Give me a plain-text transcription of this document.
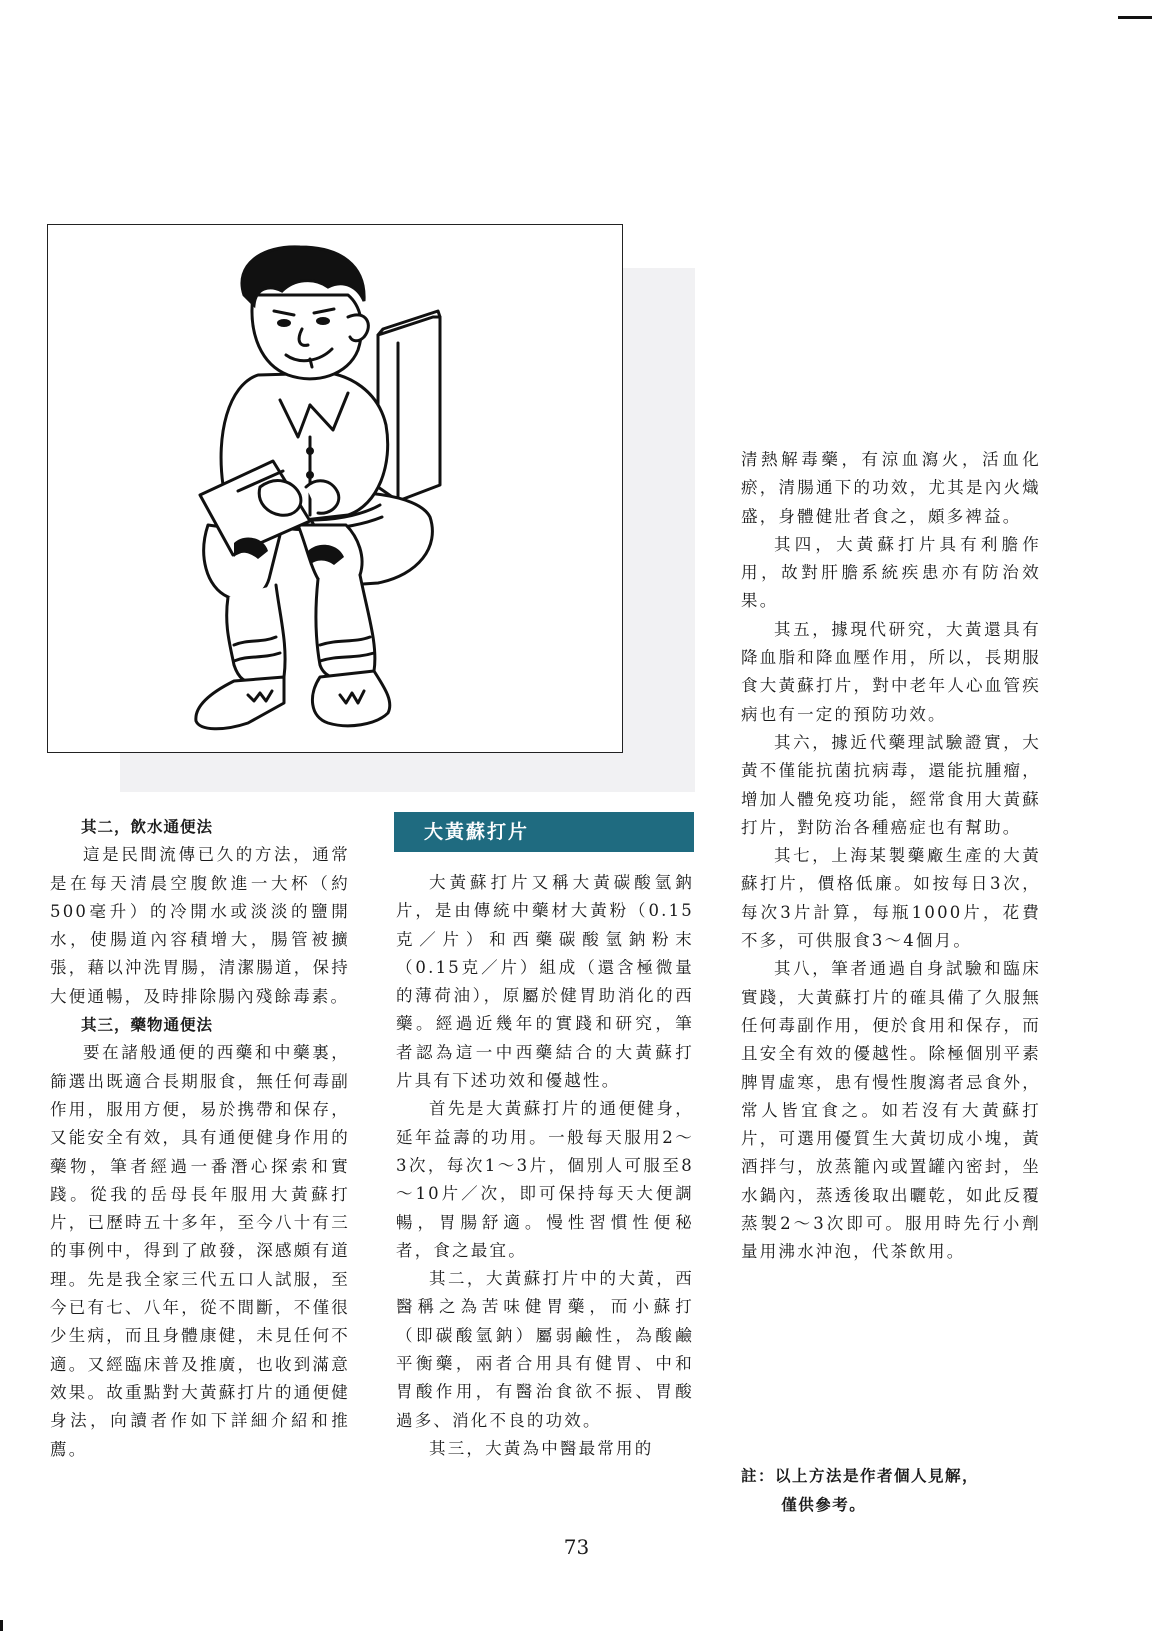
大黃蘇打片

其二，飲水通便法

這是民間流傳已久的方法，通常是在每天清晨空腹飲進一大杯（約500毫升）的冷開水或淡淡的鹽開水，使腸道內容積增大，腸管被擴張，藉以沖洗胃腸，清潔腸道，保持大便通暢，及時排除腸內殘餘毒素。

其三，藥物通便法

要在諸般通便的西藥和中藥裏，篩選出既適合長期服食，無任何毒副作用，服用方便，易於携帶和保存，又能安全有效，具有通便健身作用的藥物，筆者經過一番潛心探索和實踐。從我的岳母長年服用大黃蘇打片，已歷時五十多年，至今八十有三的事例中，得到了啟發，深感頗有道理。先是我全家三代五口人試服，至今已有七、八年，從不間斷，不僅很少生病，而且身體康健，未見任何不適。又經臨床普及推廣，也收到滿意效果。故重點對大黃蘇打片的通便健身法，向讀者作如下詳細介紹和推薦。

大黃蘇打片又稱大黃碳酸氫鈉片，是由傳統中藥材大黃粉（0.15克／片）和西藥碳酸氫鈉粉末（0.15克／片）組成（還含極微量的薄荷油），原屬於健胃助消化的西藥。經過近幾年的實踐和研究，筆者認為這一中西藥結合的大黃蘇打片具有下述功效和優越性。

首先是大黃蘇打片的通便健身，延年益壽的功用。一般每天服用2～3次，每次1～3片，個別人可服至8～10片／次，即可保持每天大便調暢，胃腸舒適。慢性習慣性便秘者，食之最宜。

其二，大黃蘇打片中的大黃，西醫稱之為苦味健胃藥，而小蘇打（即碳酸氫鈉）屬弱鹼性，為酸鹼平衡藥，兩者合用具有健胃、中和胃酸作用，有醫治食欲不振、胃酸過多、消化不良的功效。

其三，大黃為中醫最常用的

清熱解毒藥，有涼血瀉火，活血化瘀，清腸通下的功效，尤其是內火熾盛，身體健壯者食之，頗多裨益。

其四，大黃蘇打片具有利膽作用，故對肝膽系統疾患亦有防治效果。

其五，據現代研究，大黃還具有降血脂和降血壓作用，所以，長期服食大黃蘇打片，對中老年人心血管疾病也有一定的預防功效。

其六，據近代藥理試驗證實，大黃不僅能抗菌抗病毒，還能抗腫瘤，增加人體免疫功能，經常食用大黃蘇打片，對防治各種癌症也有幫助。

其七，上海某製藥廠生產的大黃蘇打片，價格低廉。如按每日3次，每次3片計算，每瓶1000片，花費不多，可供服食3～4個月。

其八，筆者通過自身試驗和臨床實踐，大黃蘇打片的確具備了久服無任何毒副作用，便於食用和保存，而且安全有效的優越性。除極個別平素脾胃虛寒，患有慢性腹瀉者忌食外，常人皆宜食之。如若沒有大黃蘇打片，可選用優質生大黃切成小塊，黃酒拌勻，放蒸籠內或置罐內密封，坐水鍋內，蒸透後取出曬乾，如此反覆蒸製2～3次即可。服用時先行小劑量用沸水沖泡，代茶飲用。

註：以上方法是作者個人見解，
僅供參考。
73
